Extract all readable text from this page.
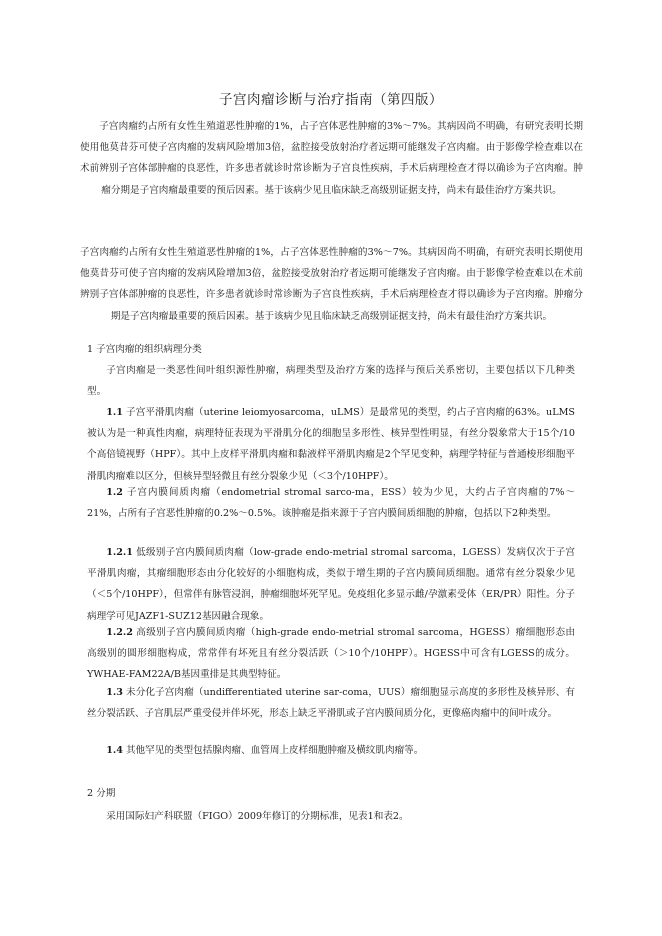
子宫肉瘤诊断与治疗指南（第四版）
子宫肉瘤约占所有女性生殖道恶性肿瘤的1%，占子宫体恶性肿瘤的3%～7%。其病因尚不明确，有研究表明长期使用他莫昔芬可使子宫肉瘤的发病风险增加3倍，盆腔接受放射治疗者远期可能继发子宫肉瘤。由于影像学检查难以在术前辨别子宫体部肿瘤的良恶性，许多患者就诊时常诊断为子宫良性疾病，手术后病理检查才得以确诊为子宫肉瘤。肿瘤分期是子宫肉瘤最重要的预后因素。基于该病少见且临床缺乏高级别证据支持，尚未有最佳治疗方案共识。
子宫肉瘤约占所有女性生殖道恶性肿瘤的1%，占子宫体恶性肿瘤的3%～7%。其病因尚不明确，有研究表明长期使用他莫昔芬可使子宫肉瘤的发病风险增加3倍，盆腔接受放射治疗者远期可能继发子宫肉瘤。由于影像学检查难以在术前辨别子宫体部肿瘤的良恶性，许多患者就诊时常诊断为子宫良性疾病，手术后病理检查才得以确诊为子宫肉瘤。肿瘤分期是子宫肉瘤最重要的预后因素。基于该病少见且临床缺乏高级别证据支持，尚未有最佳治疗方案共识。
1 子宫肉瘤的组织病理分类
子宫肉瘤是一类恶性间叶组织源性肿瘤，病理类型及治疗方案的选择与预后关系密切，主要包括以下几种类型。
1.1 子宫平滑肌肉瘤（uterine leiomyosarcoma，uLMS）是最常见的类型，约占子宫肉瘤的63%。uLMS被认为是一种真性肉瘤，病理特征表现为平滑肌分化的细胞呈多形性、核异型性明显，有丝分裂象常大于15个/10个高倍镜视野（HPF）。其中上皮样平滑肌肉瘤和黏液样平滑肌肉瘤是2个罕见变种，病理学特征与普通梭形细胞平滑肌肉瘤难以区分，但核异型轻微且有丝分裂象少见（＜3个/10HPF）。
1.2 子宫内膜间质肉瘤（endometrial stromal sarco-ma，ESS）较为少见，大约占子宫肉瘤的7%～21%，占所有子宫恶性肿瘤的0.2%～0.5%。该肿瘤是指来源于子宫内膜间质细胞的肿瘤，包括以下2种类型。
1.2.1 低级别子宫内膜间质肉瘤（low-grade endo-metrial stromal sarcoma，LGESS）发病仅次于子宫平滑肌肉瘤，其瘤细胞形态由分化较好的小细胞构成，类似于增生期的子宫内膜间质细胞。通常有丝分裂象少见（＜5个/10HPF），但常伴有脉管浸润，肿瘤细胞坏死罕见。免疫组化多显示雌/孕激素受体（ER/PR）阳性。分子病理学可见JAZF1-SUZ12基因融合现象。
1.2.2 高级别子宫内膜间质肉瘤（high-grade endo-metrial stromal sarcoma，HGESS）瘤细胞形态由高级别的圆形细胞构成，常常伴有坏死且有丝分裂活跃（＞10个/10HPF）。HGESS中可含有LGESS的成分。YWHAE-FAM22A/B基因重排是其典型特征。
1.3 未分化子宫肉瘤（undifferentiated uterine sar-coma，UUS）瘤细胞显示高度的多形性及核异形、有丝分裂活跃、子宫肌层严重受侵并伴坏死，形态上缺乏平滑肌或子宫内膜间质分化，更像癌肉瘤中的间叶成分。
1.4 其他罕见的类型包括腺肉瘤、血管周上皮样细胞肿瘤及横纹肌肉瘤等。
2 分期
采用国际妇产科联盟（FIGO）2009年修订的分期标准，见表1和表2。
